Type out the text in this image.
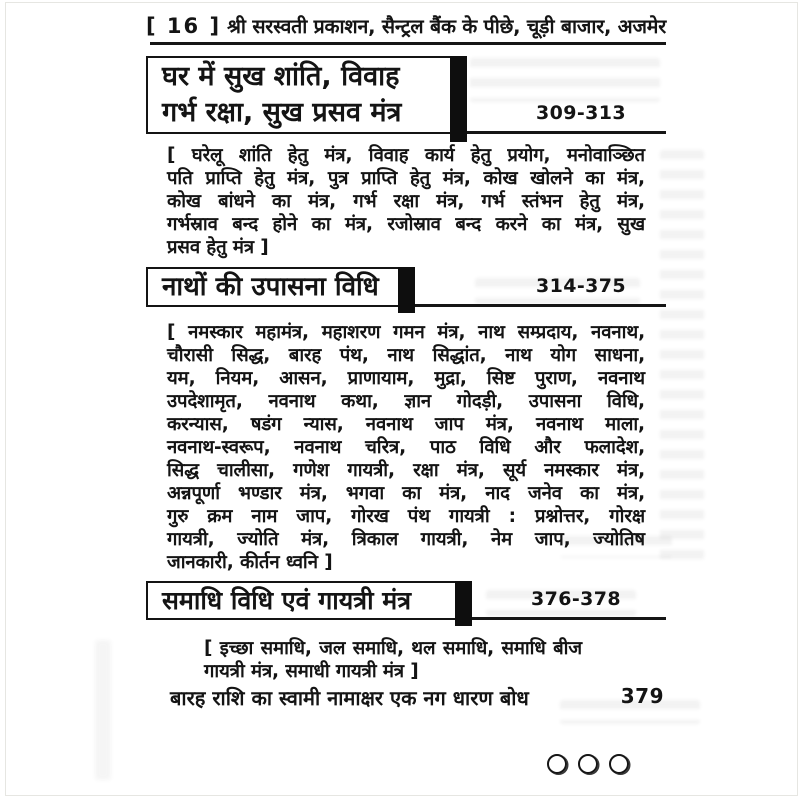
[ 16 ] श्री सरस्वती प्रकाशन, सैन्ट्रल बैंक के पीछे, चूड़ी बाजार, अजमेर
घर में सुख शांति, विवाह
गर्भ रक्षा, सुख प्रसव मंत्र	309-313
[ घरेलू शांति हेतु मंत्र, विवाह कार्य हेतु प्रयोग, मनोवाञ्छित
पति प्राप्ति हेतु मंत्र, पुत्र प्राप्ति हेतु मंत्र, कोख खोलने का मंत्र,
कोख बांधने का मंत्र, गर्भ रक्षा मंत्र, गर्भ स्तंभन हेतु मंत्र,
गर्भस्राव बन्द होने का मंत्र, रजोस्राव बन्द करने का मंत्र, सुख
प्रसव हेतु मंत्र ]
नाथों की उपासना विधि	314-375
[ नमस्कार महामंत्र, महाशरण गमन मंत्र, नाथ सम्प्रदाय, नवनाथ,
चौरासी सिद्ध, बारह पंथ, नाथ सिद्धांत, नाथ योग साधना,
यम, नियम, आसन, प्राणायाम, मुद्रा, सिष्ट पुराण, नवनाथ
उपदेशामृत, नवनाथ कथा, ज्ञान गोदड़ी, उपासना विधि,
करन्यास, षडंग न्यास, नवनाथ जाप मंत्र, नवनाथ माला,
नवनाथ-स्वरूप, नवनाथ चरित्र, पाठ विधि और फलादेश,
सिद्ध चालीसा, गणेश गायत्री, रक्षा मंत्र, सूर्य नमस्कार मंत्र,
अन्नपूर्णा भण्डार मंत्र, भगवा का मंत्र, नाद जनेव का मंत्र,
गुरु क्रम नाम जाप, गोरख पंथ गायत्री : प्रश्नोत्तर, गोरक्ष
गायत्री, ज्योति मंत्र, त्रिकाल गायत्री, नेम जाप, ज्योतिष
जानकारी, कीर्तन ध्वनि ]
समाधि विधि एवं गायत्री मंत्र	376-378
[ इच्छा समाधि, जल समाधि, थल समाधि, समाधि बीज
गायत्री मंत्र, समाधी गायत्री मंत्र ]
बारह राशि का स्वामी नामाक्षर एक नग धारण बोध	379
